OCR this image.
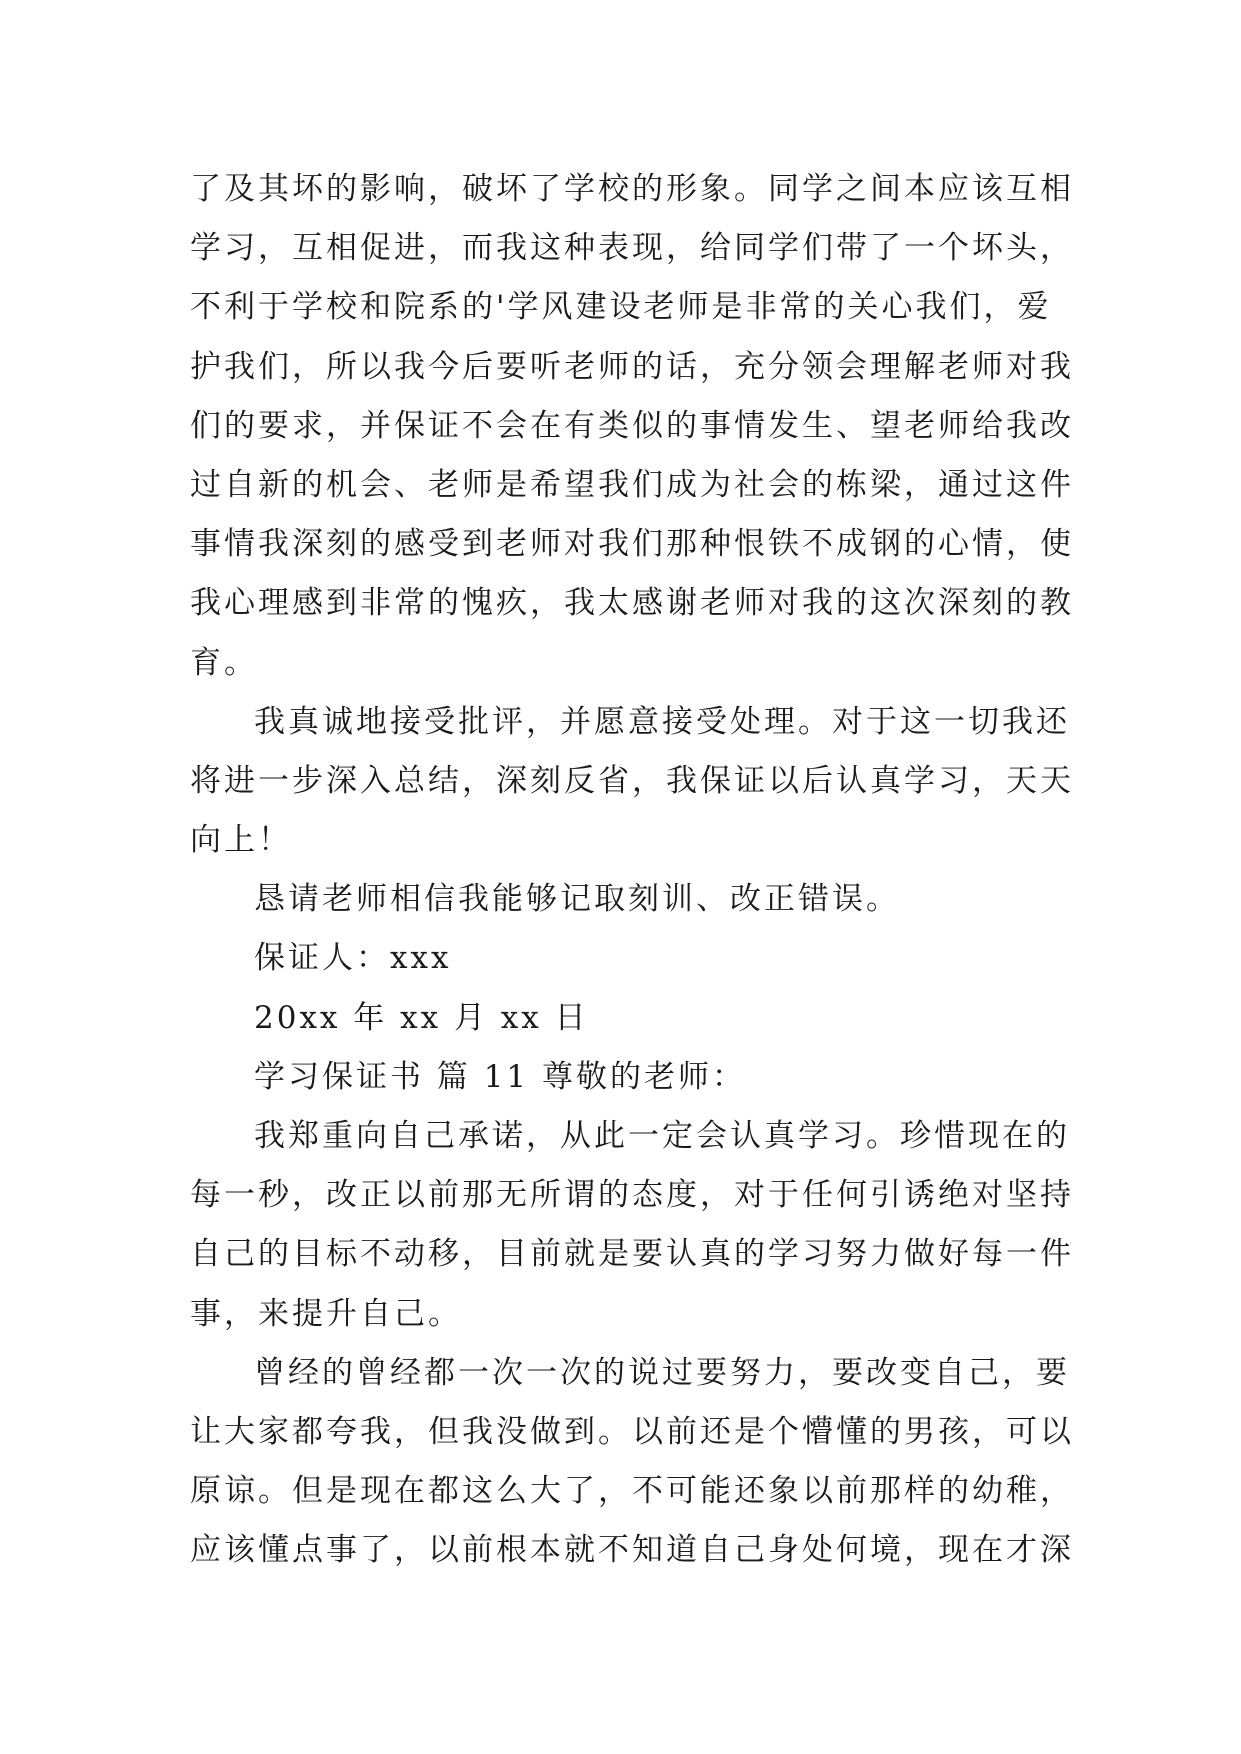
了及其坏的影响，破坏了学校的形象。同学之间本应该互相
学习，互相促进，而我这种表现，给同学们带了一个坏头，
不利于学校和院系的'学风建设老师是非常的关心我们，爱
护我们，所以我今后要听老师的话，充分领会理解老师对我
们的要求，并保证不会在有类似的事情发生、望老师给我改
过自新的机会、老师是希望我们成为社会的栋梁，通过这件
事情我深刻的感受到老师对我们那种恨铁不成钢的心情，使
我心理感到非常的愧疚，我太感谢老师对我的这次深刻的教
育。
我真诚地接受批评，并愿意接受处理。对于这一切我还
将进一步深入总结，深刻反省，我保证以后认真学习，天天
向上！
恳请老师相信我能够记取刻训、改正错误。
保证人：xxx
20xx 年 xx 月 xx 日
学习保证书 篇 11 尊敬的老师：
我郑重向自己承诺，从此一定会认真学习。珍惜现在的
每一秒，改正以前那无所谓的态度，对于任何引诱绝对坚持
自己的目标不动移，目前就是要认真的学习努力做好每一件
事，来提升自己。
曾经的曾经都一次一次的说过要努力，要改变自己，要
让大家都夸我，但我没做到。以前还是个懵懂的男孩，可以
原谅。但是现在都这么大了，不可能还象以前那样的幼稚，
应该懂点事了，以前根本就不知道自己身处何境，现在才深
